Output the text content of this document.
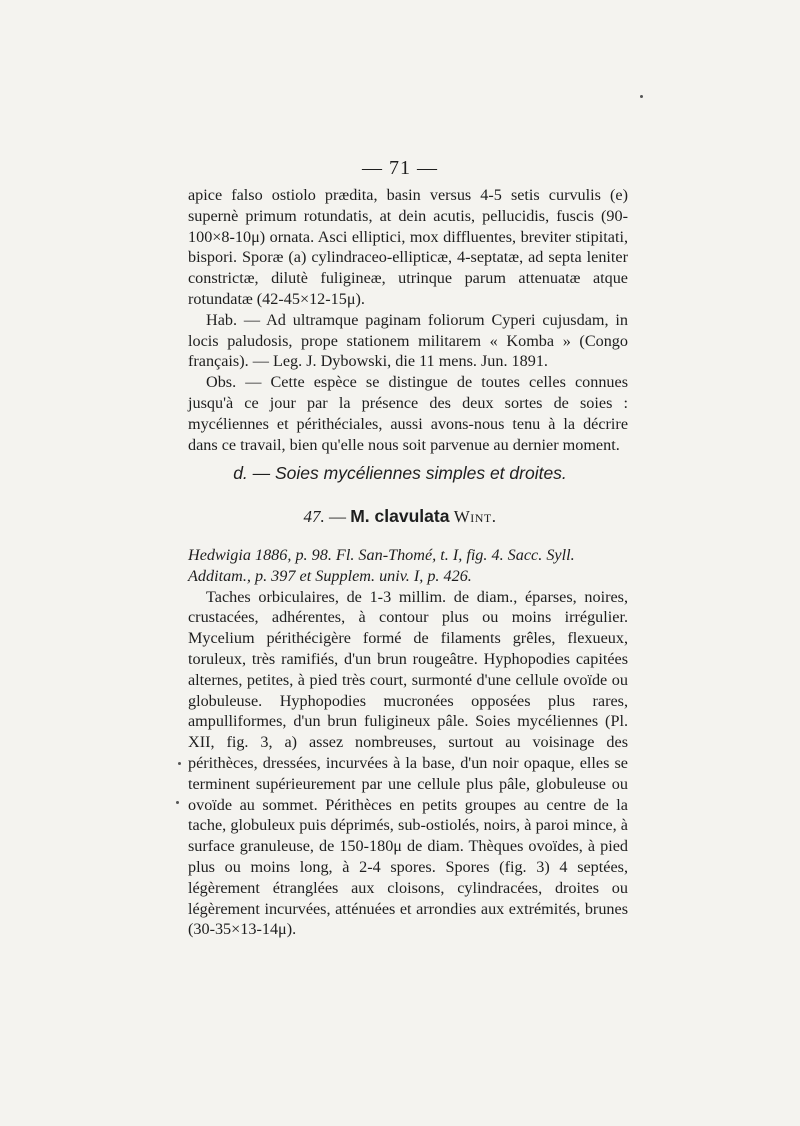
— 71 —

apice falso ostiolo prædita, basin versus 4-5 setis curvulis (e) supernè primum rotundatis, at dein acutis, pellucidis, fuscis (90-100×8-10μ) ornata. Asci elliptici, mox diffluentes, breviter stipitati, bispori. Sporæ (a) cylindraceo-ellipticæ, 4-septatæ, ad septa leniter constrictæ, dilutè fuligineæ, utrinque parum attenuatæ atque rotundatæ (42-45×12-15μ).

Hab. — Ad ultramque paginam foliorum Cyperi cujusdam, in locis paludosis, prope stationem militarem « Komba » (Congo français). — Leg. J. Dybowski, die 11 mens. Jun. 1891.

Obs. — Cette espèce se distingue de toutes celles connues jusqu'à ce jour par la présence des deux sortes de soies : mycéliennes et périthéciales, aussi avons-nous tenu à la décrire dans ce travail, bien qu'elle nous soit parvenue au dernier moment.

d. — Soies mycéliennes simples et droites.
47. — M. clavulata Wint.

Hedwigia 1886, p. 98. Fl. San-Thomé, t. I, fig. 4. Sacc. Syll.
Additam., p. 397 et Supplem. univ. I, p. 426.

Taches orbiculaires, de 1-3 millim. de diam., éparses, noires, crustacées, adhérentes, à contour plus ou moins irrégulier. Mycelium périthécigère formé de filaments grêles, flexueux, toruleux, très ramifiés, d'un brun rougeâtre. Hyphopodies capitées alternes, petites, à pied très court, surmonté d'une cellule ovoïde ou globuleuse. Hyphopodies mucronées opposées plus rares, ampulliformes, d'un brun fuligineux pâle. Soies mycéliennes (Pl. XII, fig. 3, a) assez nombreuses, surtout au voisinage des périthèces, dressées, incurvées à la base, d'un noir opaque, elles se terminent supérieurement par une cellule plus pâle, globuleuse ou ovoïde au sommet. Périthèces en petits groupes au centre de la tache, globuleux puis déprimés, sub-ostiolés, noirs, à paroi mince, à surface granuleuse, de 150-180μ de diam. Thèques ovoïdes, à pied plus ou moins long, à 2-4 spores. Spores (fig. 3) 4 septées, légèrement étranglées aux cloisons, cylindracées, droites ou légèrement incurvées, atténuées et arrondies aux extrémités, brunes (30-35×13-14μ).
